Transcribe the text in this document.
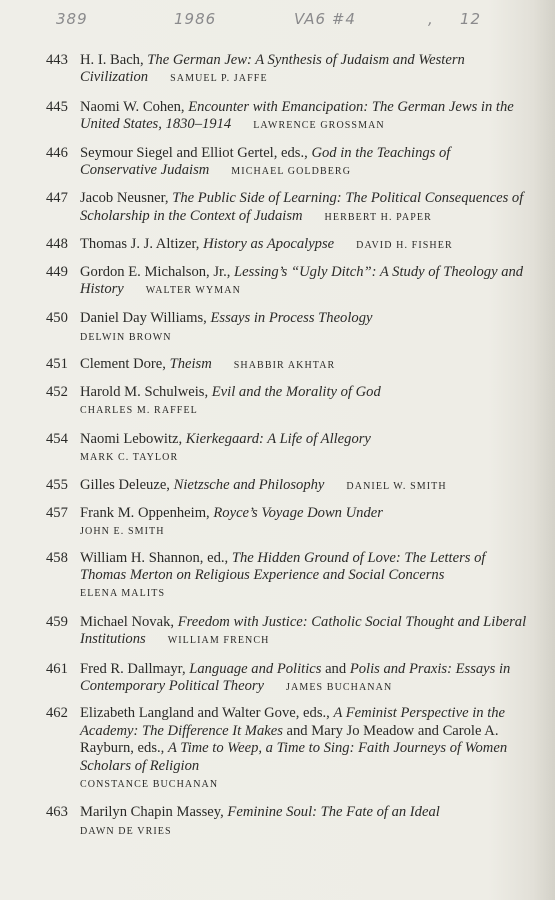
389	1986	VA6 #4	, 12
443 H. I. Bach, The German Jew: A Synthesis of Judaism and Western Civilization SAMUEL P. JAFFE
445 Naomi W. Cohen, Encounter with Emancipation: The German Jews in the United States, 1830–1914 LAWRENCE GROSSMAN
446 Seymour Siegel and Elliot Gertel, eds., God in the Teachings of Conservative Judaism MICHAEL GOLDBERG
447 Jacob Neusner, The Public Side of Learning: The Political Consequences of Scholarship in the Context of Judaism HERBERT H. PAPER
448 Thomas J. J. Altizer, History as Apocalypse DAVID H. FISHER
449 Gordon E. Michalson, Jr., Lessing’s “Ugly Ditch”: A Study of Theology and History WALTER WYMAN
450 Daniel Day Williams, Essays in Process Theology
DELWIN BROWN
451 Clement Dore, Theism SHABBIR AKHTAR
452 Harold M. Schulweis, Evil and the Morality of God
CHARLES M. RAFFEL
454 Naomi Lebowitz, Kierkegaard: A Life of Allegory
MARK C. TAYLOR
455 Gilles Deleuze, Nietzsche and Philosophy DANIEL W. SMITH
457 Frank M. Oppenheim, Royce’s Voyage Down Under
JOHN E. SMITH
458 William H. Shannon, ed., The Hidden Ground of Love: The Letters of Thomas Merton on Religious Experience and Social Concerns
ELENA MALITS
459 Michael Novak, Freedom with Justice: Catholic Social Thought and Liberal Institutions WILLIAM FRENCH
461 Fred R. Dallmayr, Language and Politics and Polis and Praxis: Essays in Contemporary Political Theory JAMES BUCHANAN
462 Elizabeth Langland and Walter Gove, eds., A Feminist Perspective in the Academy: The Difference It Makes and Mary Jo Meadow and Carole A. Rayburn, eds., A Time to Weep, a Time to Sing: Faith Journeys of Women Scholars of Religion
CONSTANCE BUCHANAN
463 Marilyn Chapin Massey, Feminine Soul: The Fate of an Ideal
DAWN DE VRIES
